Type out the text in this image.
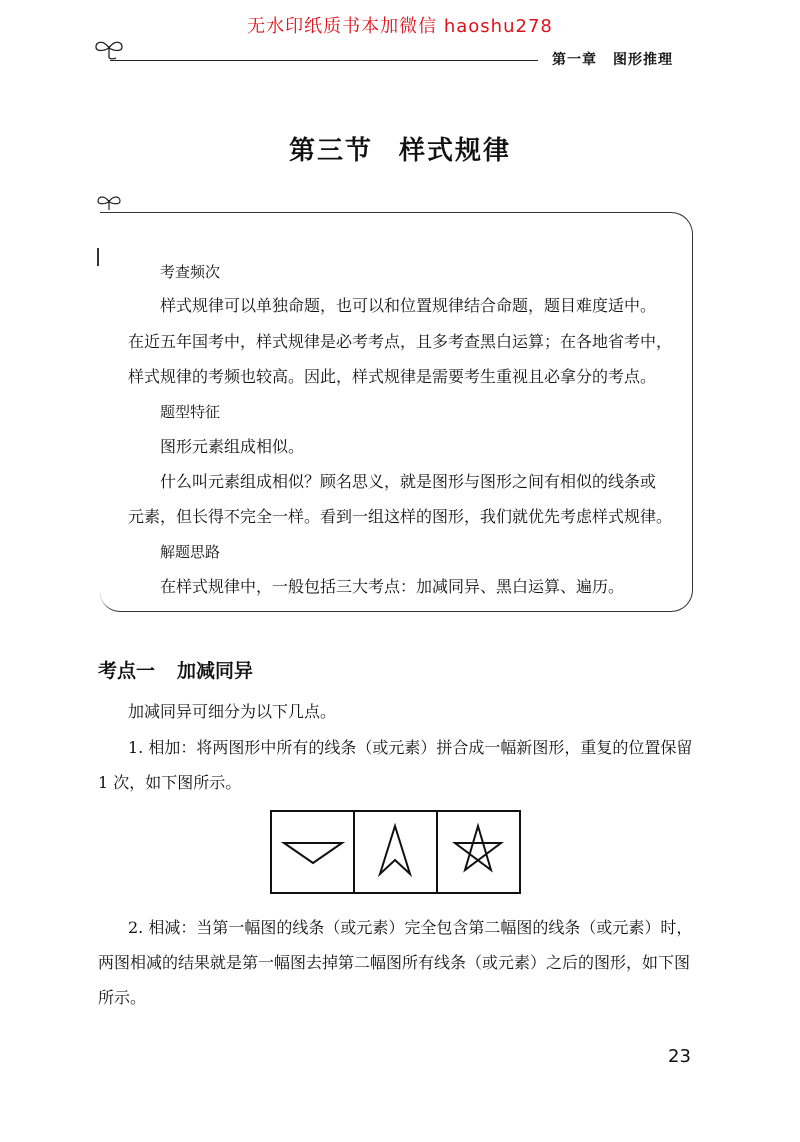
无水印纸质书本加微信 haoshu278
第一章 图形推理
第三节 样式规律
考查频次
样式规律可以单独命题，也可以和位置规律结合命题，题目难度适中。
在近五年国考中，样式规律是必考考点，且多考查黑白运算；在各地省考中，
样式规律的考频也较高。因此，样式规律是需要考生重视且必拿分的考点。
题型特征
图形元素组成相似。
什么叫元素组成相似？顾名思义，就是图形与图形之间有相似的线条或
元素，但长得不完全一样。看到一组这样的图形，我们就优先考虑样式规律。
解题思路
在样式规律中，一般包括三大考点：加减同异、黑白运算、遍历。
考点一 加减同异
加减同异可细分为以下几点。
1. 相加：将两图形中所有的线条（或元素）拼合成一幅新图形，重复的位置保留
1 次，如下图所示。
2. 相减：当第一幅图的线条（或元素）完全包含第二幅图的线条（或元素）时，
两图相减的结果就是第一幅图去掉第二幅图所有线条（或元素）之后的图形，如下图
所示。
23
